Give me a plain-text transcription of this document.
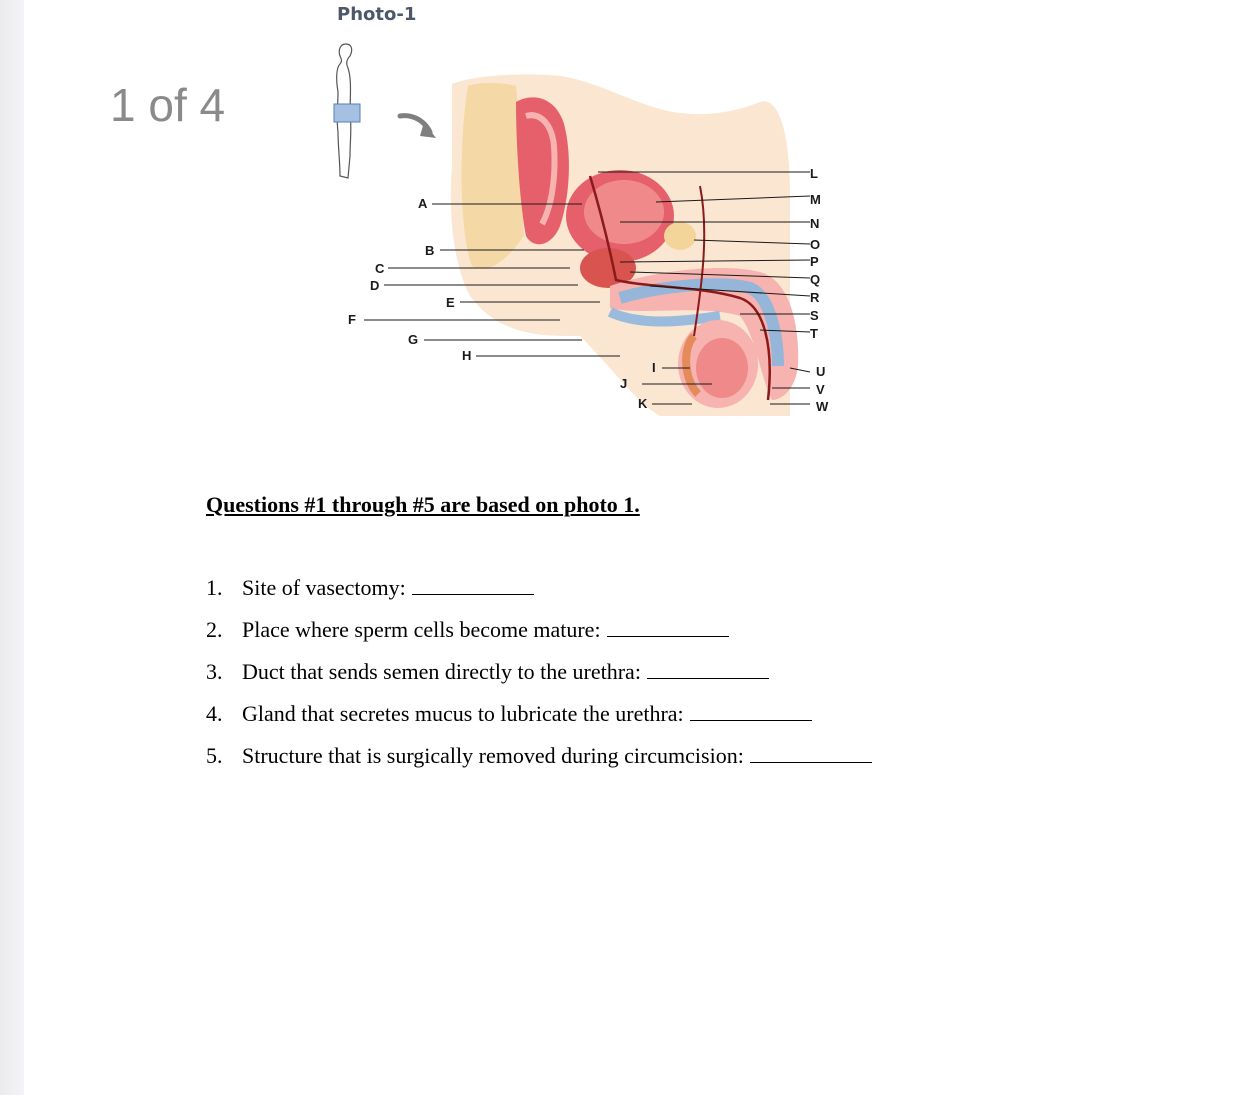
1 of 4
Photo-1
A
B
C
D
E
F
G
H
I
J
K
L
M
N
O
P
Q
R
S
T
U
V
W
Questions #1 through #5 are based on photo 1.
1. Site of vasectomy:
2. Place where sperm cells become mature:
3. Duct that sends semen directly to the urethra:
4. Gland that secretes mucus to lubricate the urethra:
5. Structure that is surgically removed during circumcision:
